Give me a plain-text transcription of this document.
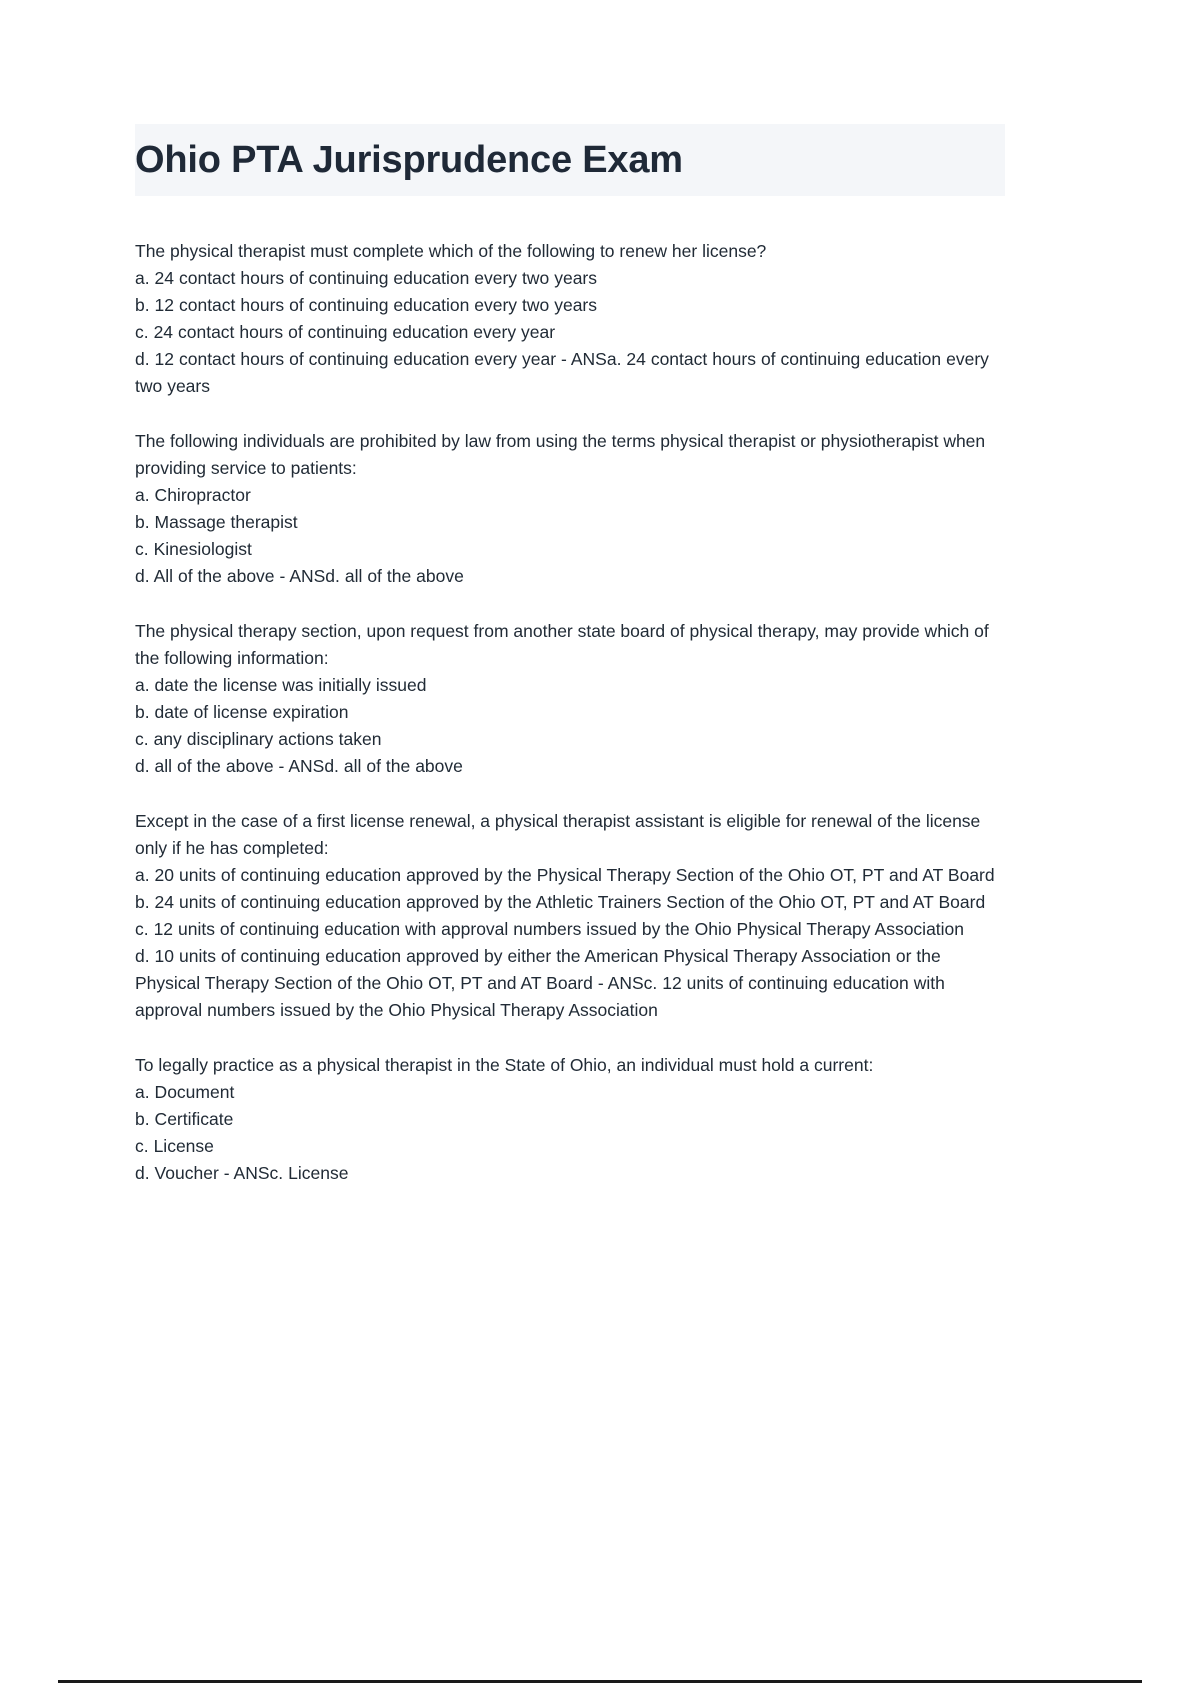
Ohio PTA Jurisprudence Exam

The physical therapist must complete which of the following to renew her license?

a. 24 contact hours of continuing education every two years

b. 12 contact hours of continuing education every two years

c. 24 contact hours of continuing education every year

d. 12 contact hours of continuing education every year - ANSa. 24 contact hours of continuing education every two years

The following individuals are prohibited by law from using the terms physical therapist or physiotherapist when providing service to patients:

a. Chiropractor

b. Massage therapist

c. Kinesiologist

d. All of the above - ANSd. all of the above

The physical therapy section, upon request from another state board of physical therapy, may provide which of the following information:

a. date the license was initially issued

b. date of license expiration

c. any disciplinary actions taken

d. all of the above - ANSd. all of the above

Except in the case of a first license renewal, a physical therapist assistant is eligible for renewal of the license only if he has completed:

a. 20 units of continuing education approved by the Physical Therapy Section of the Ohio OT, PT and AT Board

b. 24 units of continuing education approved by the Athletic Trainers Section of the Ohio OT, PT and AT Board

c. 12 units of continuing education with approval numbers issued by the Ohio Physical Therapy Association

d. 10 units of continuing education approved by either the American Physical Therapy Association or the Physical Therapy Section of the Ohio OT, PT and AT Board - ANSc. 12 units of continuing education with approval numbers issued by the Ohio Physical Therapy Association

To legally practice as a physical therapist in the State of Ohio, an individual must hold a current:

a. Document

b. Certificate

c. License

d. Voucher - ANSc. License
